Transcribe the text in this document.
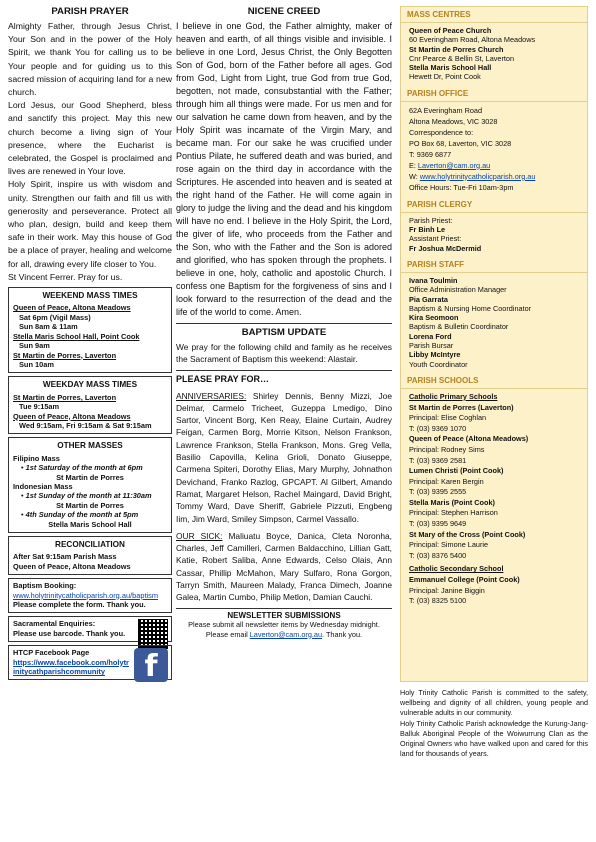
PARISH PRAYER

Almighty Father, through Jesus Christ, Your Son and in the power of the Holy Spirit, we thank You for calling us to be Your people and for guiding us to this sacred mission of acquiring land for a new church.

Lord Jesus, our Good Shepherd, bless and sanctify this project. May this new church become a living sign of Your presence, where the Eucharist is celebrated, the Gospel is proclaimed and lives are renewed in Your love.

Holy Spirit, inspire us with wisdom and unity. Strengthen our faith and fill us with generosity and perseverance. Protect all who plan, design, build and keep them safe in their work. May this house of God be a place of prayer, healing and welcome for all, drawing every life closer to You.

St Vincent Ferrer. Pray for us.

WEEKEND MASS TIMES
Queen of Peace, Altona Meadows
Sat 6pm (Vigil Mass)
Sun 8am & 11am
Stella Maris School Hall, Point Cook
Sun 9am
St Martin de Porres, Laverton
Sun 10am
WEEKDAY MASS TIMES
St Martin de Porres, Laverton
Tue 9:15am
Queen of Peace, Altona Meadows
Wed 9:15am, Fri 9:15am & Sat 9:15am
OTHER MASSES
Filipino Mass
• 1st Saturday of the month at 6pm
St Martin de Porres
Indonesian Mass
• 1st Sunday of the month at 11:30am
St Martin de Porres
• 4th Sunday of the month at 5pm
Stella Maris School Hall
RECONCILIATION
After Sat 9:15am Parish Mass
Queen of Peace, Altona Meadows
Baptism Booking:
www.holytrinitycatholicparish.org.au/baptism
Please complete the form. Thank you.
Sacramental Enquiries:
Please use barcode. Thank you.
HTCP Facebook Page
https://www.facebook.com/holytrinitycathparishcommunity	f
NICENE CREED

I believe in one God, the Father almighty, maker of heaven and earth, of all things visible and invisible. I believe in one Lord, Jesus Christ, the Only Begotten Son of God, born of the Father before all ages. God from God, Light from Light, true God from true God, begotten, not made, consubstantial with the Father; through him all things were made. For us men and for our salvation he came down from heaven, and by the Holy Spirit was incarnate of the Virgin Mary, and became man. For our sake he was crucified under Pontius Pilate, he suffered death and was buried, and rose again on the third day in accordance with the Scriptures. He ascended into heaven and is seated at the right hand of the Father. He will come again in glory to judge the living and the dead and his kingdom will have no end. I believe in the Holy Spirit, the Lord, the giver of life, who proceeds from the Father and the Son, who with the Father and the Son is adored and glorified, who has spoken through the prophets. I believe in one, holy, catholic and apostolic Church. I confess one Baptism for the forgiveness of sins and I look forward to the resurrection of the dead and the life of the world to come. Amen.

BAPTISM UPDATE

We pray for the following child and family as he receives the Sacrament of Baptism this weekend: Alastair.

PLEASE PRAY FOR…

ANNIVERSARIES: Shirley Dennis, Benny Mizzi, Joe Delmar, Carmelo Tricheet, Guzeppa Lmedigo, Dino Sartor, Vincent Borg, Ken Reay, Elaine Curtain, Audrey Feigan, Carmen Borg, Morrie Kitson, Nelson Frankson, Lawrence Frankson, Stella Frankson, Mons. Greg Vella, Basilio Capovilla, Kelina Grioli, Donato Giuseppe, Carmena Spiteri, Dorothy Elias, Mary Murphy, Johnathon Devichand, Franko Razlog, GPCAPT. Al Gilbert, Amando Ramat, Margaret Helson, Rachel Maingard, David Bright, Tommy Ward, Dave Sheriff, Gabriele Pizzuti, Engbeng Iim, Jim Ward, Smiley Simpson, Carmel Vassallo.

OUR SICK: Maliuatu Boyce, Danica, Cleta Noronha, Charles, Jeff Camilleri, Carmen Baldacchino, Lillian Gatt, Katie, Robert Saliba, Anne Edwards, Celso Olais, Ann Cassar, Phillip McMahon, Mary Sulfaro, Rona Gorgon, Tarryn Smith, Maureen Malady, Franca Dimech, Joanne Galea, Martin Cumbo, Philip Metlon, Damian Cauchi.

NEWSLETTER SUBMISSIONS
Please submit all newsletter items by Wednesday midnight.
Please email Laverton@cam.org.au. Thank you.
MASS CENTRES
Queen of Peace Church
60 Everingham Road, Altona Meadows
St Martin de Porres Church
Cnr Pearce & Bellin St, Laverton
Stella Maris School Hall
Hewett Dr, Point Cook
PARISH OFFICE
62A Everingham Road
Altona Meadows, VIC 3028
Correspondence to:
PO Box 68, Laverton, VIC 3028
T: 9369 6877
E: Laverton@cam.org.au
W: www.holytrinitycatholicparish.org.au
Office Hours: Tue-Fri 10am-3pm
PARISH CLERGY
Parish Priest:
Fr Binh Le
Assistant Priest:
Fr Joshua McDermid
PARISH STAFF
Ivana Toulmin
Office Administration Manager
Pia Garrata
Baptism & Nursing Home Coordinator
Kira Seomoon
Baptism & Bulletin Coordinator
Lorena Ford
Parish Bursar
Libby McIntyre
Youth Coordinator
PARISH SCHOOLS
Catholic Primary Schools
St Martin de Porres (Laverton)
Principal: Elise Coghlan
T: (03) 9369 1070
Queen of Peace (Altona Meadows)
Principal: Rodney Sims
T: (03) 9369 2581
Lumen Christi (Point Cook)
Principal: Karen Bergin
T: (03) 9395 2555
Stella Maris (Point Cook)
Principal: Stephen Harrison
T: (03) 9395 9649
St Mary of the Cross (Point Cook)
Principal: Simone Laurie
T: (03) 8376 5400
Catholic Secondary School
Emmanuel College (Point Cook)
Principal: Janine Biggin
T: (03) 8325 5100
Holy Trinity Catholic Parish is committed to the safety, wellbeing and dignity of all children, young people and vulnerable adults in our community.
Holy Trinity Catholic Parish acknowledge the Kurung-Jang-Balluk Aboriginal People of the Woiwurrung Clan as the Original Owners who have walked upon and cared for this land for thousands of years.
